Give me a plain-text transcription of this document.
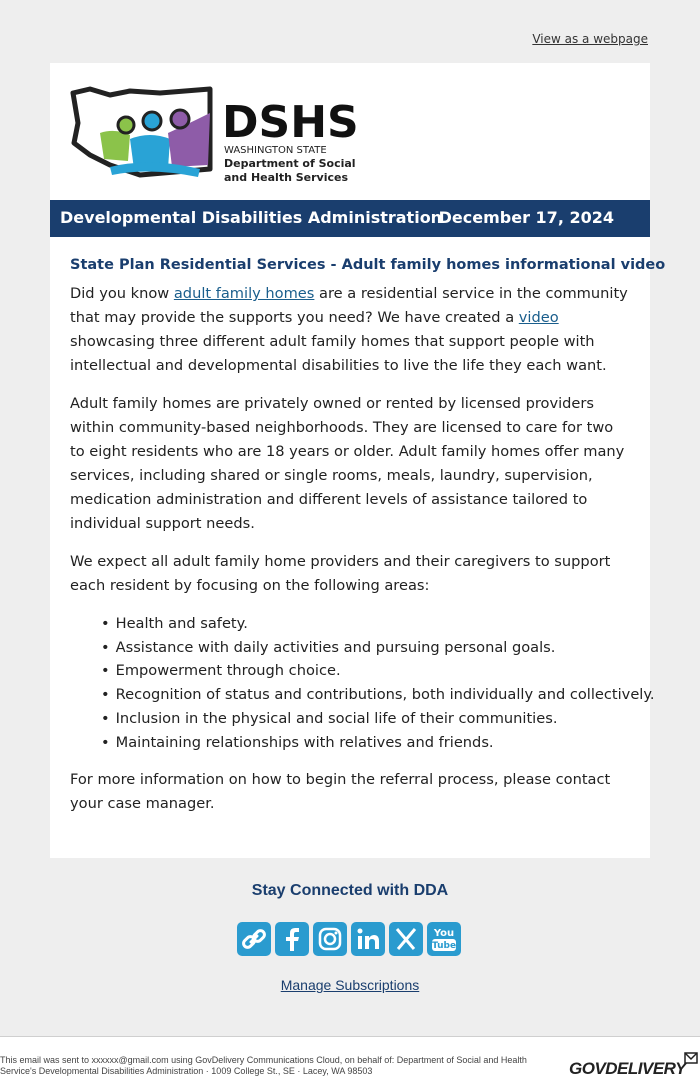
View as a webpage
DSHS
WASHINGTON STATE
Department of Social
and Health Services
Developmental Disabilities Administration
December 17, 2024
State Plan Residential Services - Adult family homes informational video

Did you know adult family homes are a residential service in the community that may provide the supports you need? We have created a video showcasing three different adult family homes that support people with intellectual and developmental disabilities to live the life they each want.

Adult family homes are privately owned or rented by licensed providers within community-based neighborhoods. They are licensed to care for two to eight residents who are 18 years or older. Adult family homes offer many services, including shared or single rooms, meals, laundry, supervision, medication administration and different levels of assistance tailored to individual support needs.

We expect all adult family home providers and their caregivers to support each resident by focusing on the following areas:

• Health and safety.
• Assistance with daily activities and pursuing personal goals.
• Empowerment through choice.
• Recognition of status and contributions, both individually and collectively.
• Inclusion in the physical and social life of their communities.
• Maintaining relationships with relatives and friends.

For more information on how to begin the referral process, please contact your case manager.

Stay Connected with DDA
You
Tube
Manage Subscriptions
This email was sent to xxxxxx@gmail.com using GovDelivery Communications Cloud, on behalf of: Department of Social and Health Service's Developmental Disabilities Administration · 1009 College St., SE · Lacey, WA 98503	GOVDELIVERY
